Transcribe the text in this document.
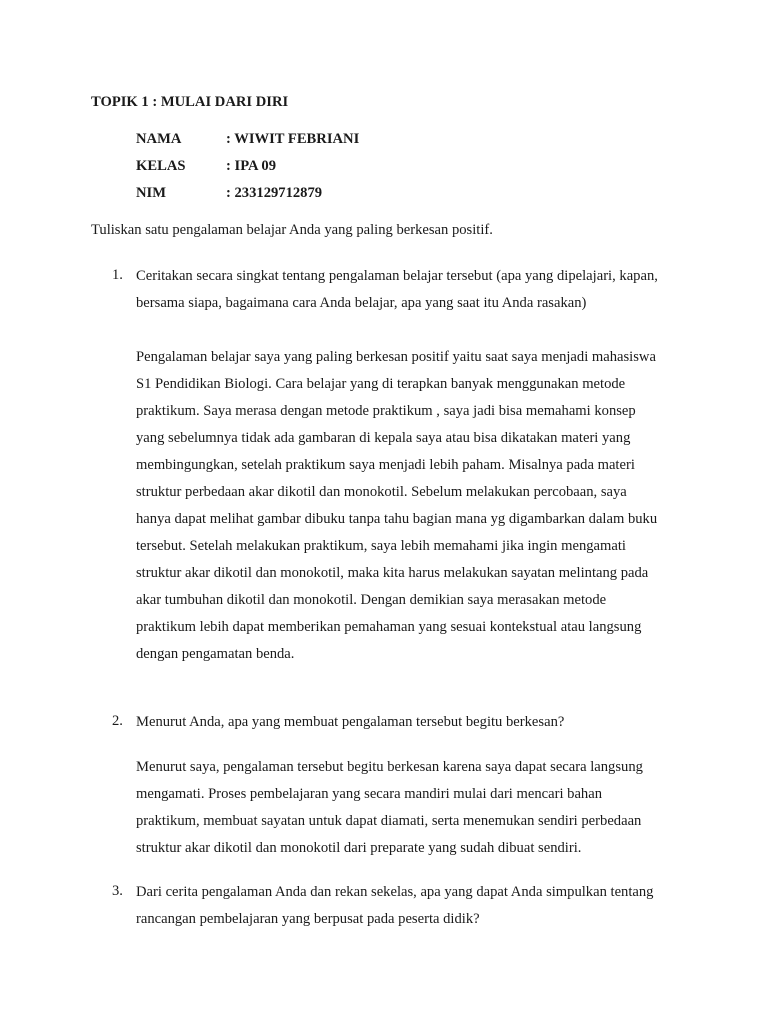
TOPIK 1 : MULAI DARI DIRI
NAMA	: WIWIT FEBRIANI
KELAS	: IPA 09
NIM	: 233129712879
Tuliskan satu pengalaman belajar Anda yang paling berkesan positif.
1. Ceritakan secara singkat tentang pengalaman belajar tersebut (apa yang dipelajari, kapan,
bersama siapa, bagaimana cara Anda belajar, apa yang saat itu Anda rasakan)
Pengalaman belajar saya yang paling berkesan positif yaitu saat saya menjadi mahasiswa
S1 Pendidikan Biologi. Cara belajar yang di terapkan banyak menggunakan metode
praktikum. Saya merasa dengan metode praktikum , saya jadi bisa memahami konsep
yang sebelumnya tidak ada gambaran di kepala saya atau bisa dikatakan materi yang
membingungkan, setelah praktikum saya menjadi lebih paham. Misalnya pada materi
struktur perbedaan akar dikotil dan monokotil. Sebelum melakukan percobaan, saya
hanya dapat melihat gambar dibuku tanpa tahu bagian mana yg digambarkan dalam buku
tersebut. Setelah melakukan praktikum, saya lebih memahami jika ingin mengamati
struktur akar dikotil dan monokotil, maka kita harus melakukan sayatan melintang pada
akar tumbuhan dikotil dan monokotil. Dengan demikian saya merasakan metode
praktikum lebih dapat memberikan pemahaman yang sesuai kontekstual atau langsung
dengan pengamatan benda.
2. Menurut Anda, apa yang membuat pengalaman tersebut begitu berkesan?
Menurut saya, pengalaman tersebut begitu berkesan karena saya dapat secara langsung
mengamati. Proses pembelajaran yang secara mandiri mulai dari mencari bahan
praktikum, membuat sayatan untuk dapat diamati, serta menemukan sendiri perbedaan
struktur akar dikotil dan monokotil dari preparate yang sudah dibuat sendiri.
3. Dari cerita pengalaman Anda dan rekan sekelas, apa yang dapat Anda simpulkan tentang
rancangan pembelajaran yang berpusat pada peserta didik?
